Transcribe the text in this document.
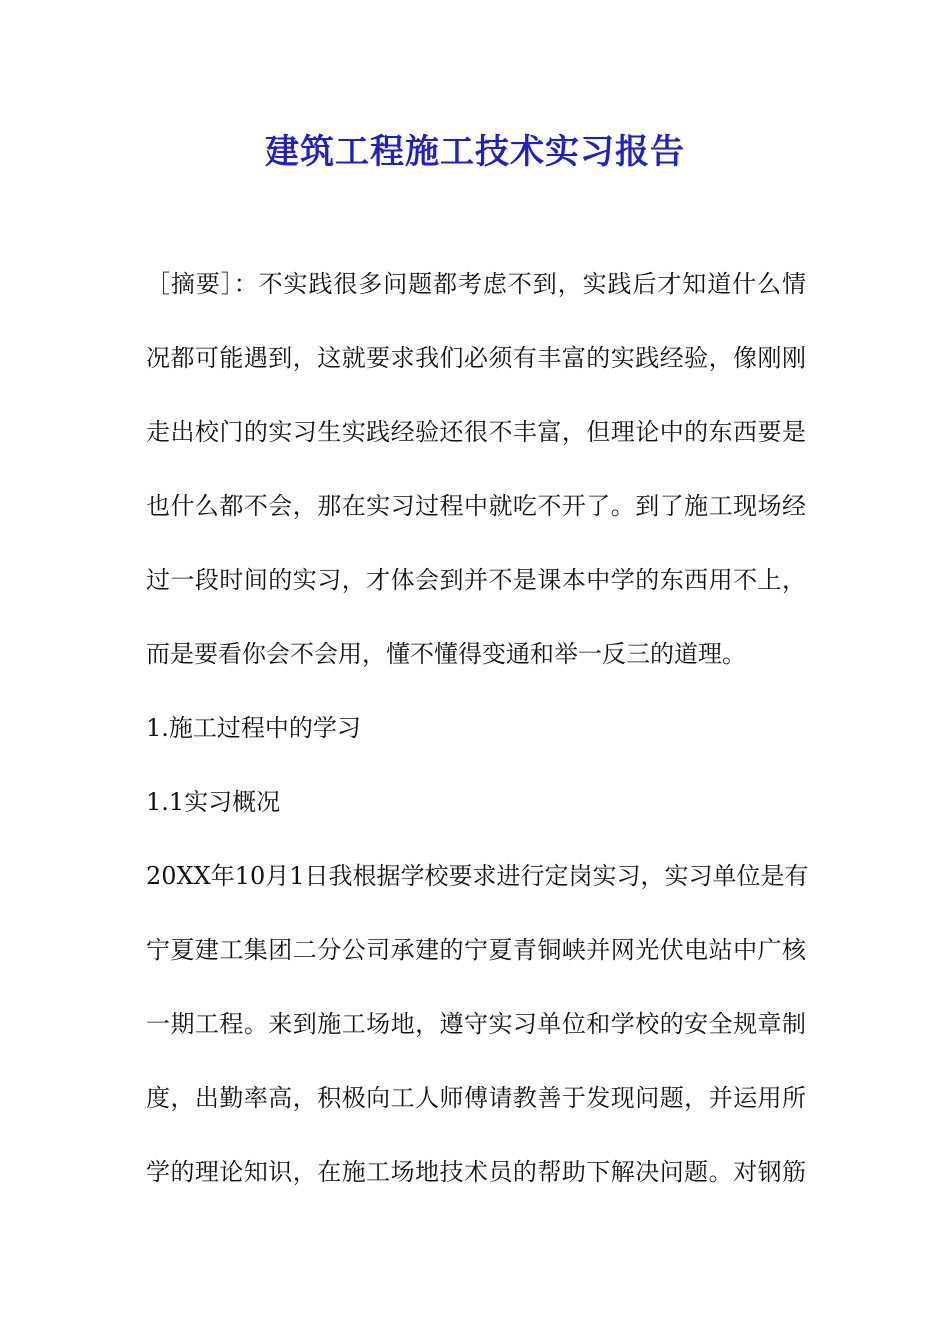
建筑工程施工技术实习报告

［摘要］：不实践很多问题都考虑不到，实践后才知道什么情

况都可能遇到，这就要求我们必须有丰富的实践经验，像刚刚

走出校门的实习生实践经验还很不丰富，但理论中的东西要是

也什么都不会，那在实习过程中就吃不开了。到了施工现场经

过一段时间的实习，才体会到并不是课本中学的东西用不上，

而是要看你会不会用，懂不懂得变通和举一反三的道理。

1.施工过程中的学习

1.1实习概况

20XX年10月1日我根据学校要求进行定岗实习，实习单位是有

宁夏建工集团二分公司承建的宁夏青铜峡并网光伏电站中广核

一期工程。来到施工场地，遵守实习单位和学校的安全规章制

度，出勤率高，积极向工人师傅请教善于发现问题，并运用所

学的理论知识，在施工场地技术员的帮助下解决问题。对钢筋
